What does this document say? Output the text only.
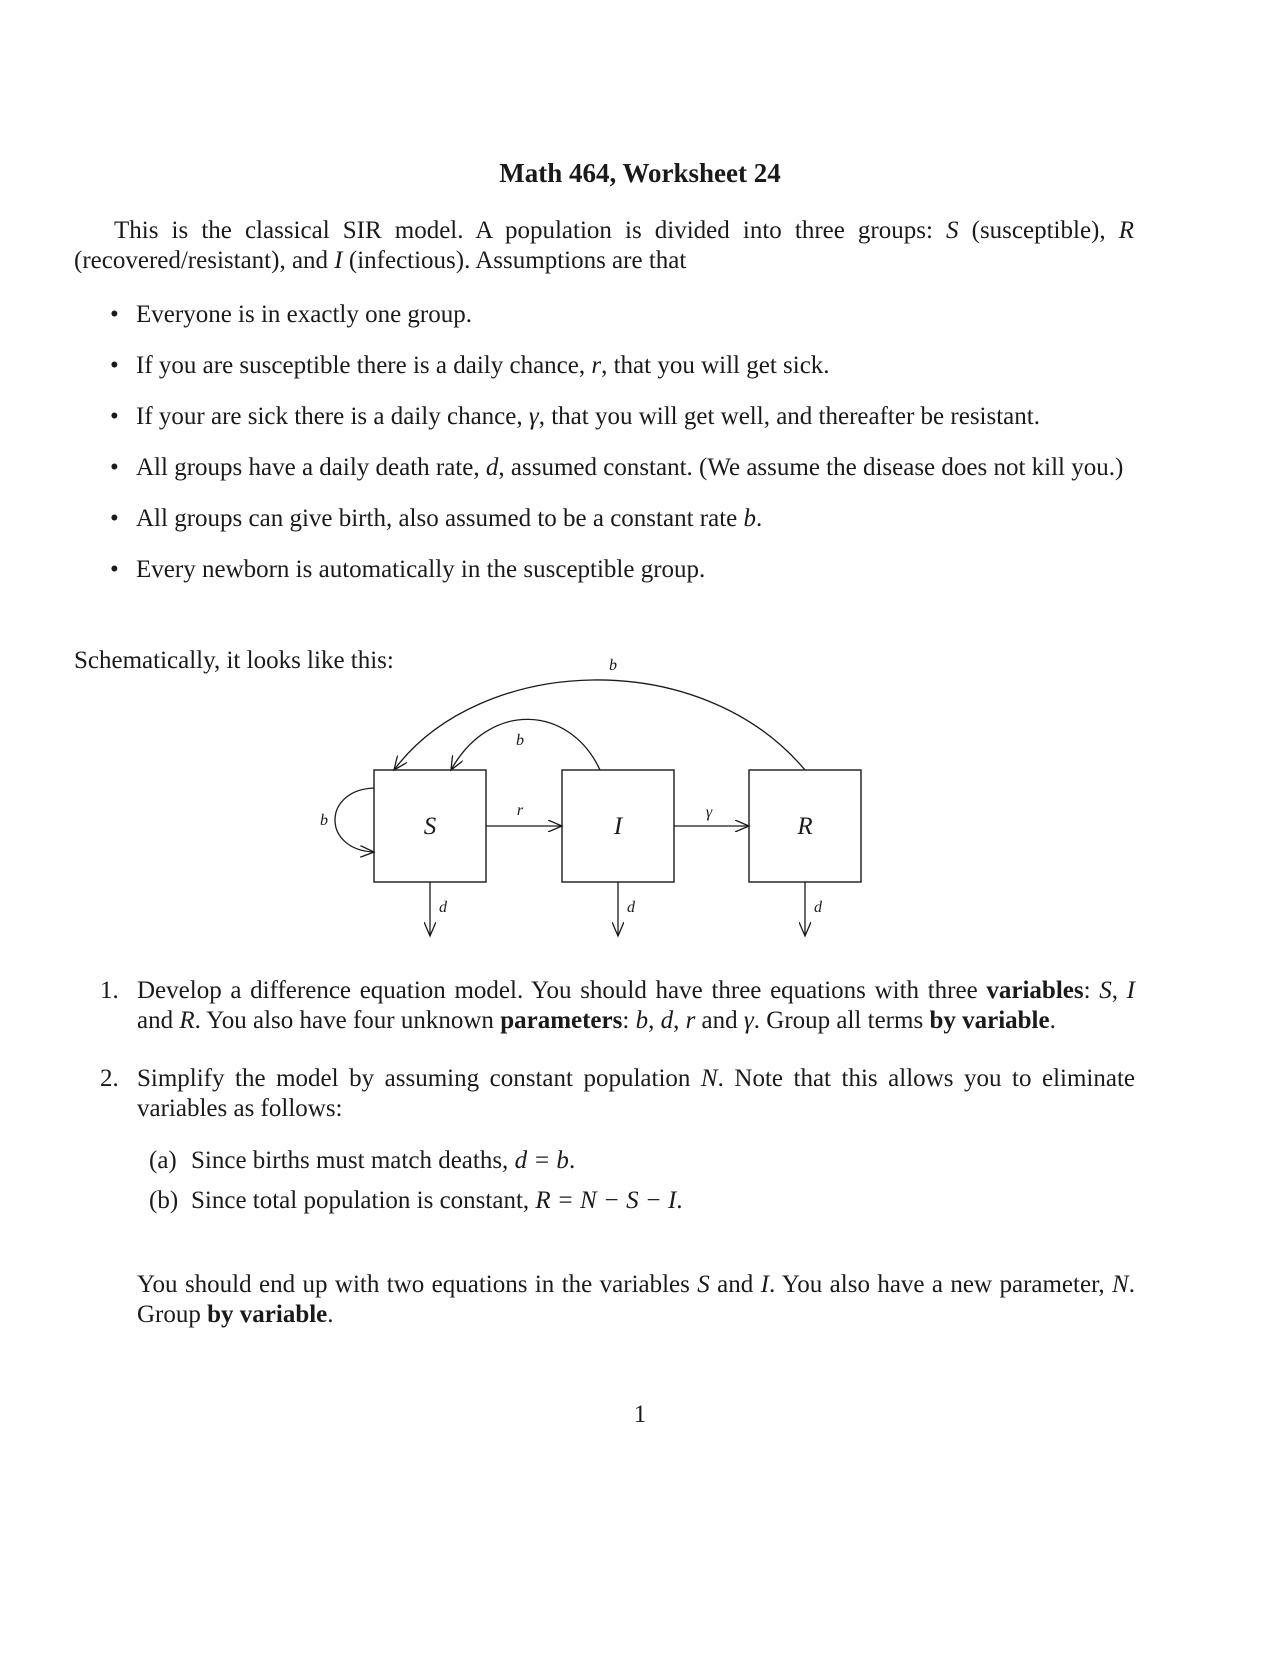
Math 464, Worksheet 24

This is the classical SIR model. A population is divided into three groups: S (susceptible), R (recovered/resistant), and I (infectious). Assumptions are that

• Everyone is in exactly one group.
• If you are susceptible there is a daily chance, r, that you will get sick.
• If your are sick there is a daily chance, γ, that you will get well, and thereafter be resistant.
• All groups have a daily death rate, d, assumed constant. (We assume the disease does not kill you.)
• All groups can give birth, also assumed to be a constant rate b.
• Every newborn is automatically in the susceptible group.
Schematically, it looks like this:
S	I	R
b
b
b
r	γ
d	d	d
1. Develop a difference equation model. You should have three equations with three variables: S, I and R. You also have four unknown parameters: b, d, r and γ. Group all terms by variable.
2. Simplify the model by assuming constant population N. Note that this allows you to eliminate variables as follows:
(a) Since births must match deaths, d = b.
(b) Since total population is constant, R = N − S − I.

You should end up with two equations in the variables S and I. You also have a new parameter, N. Group by variable.

1
